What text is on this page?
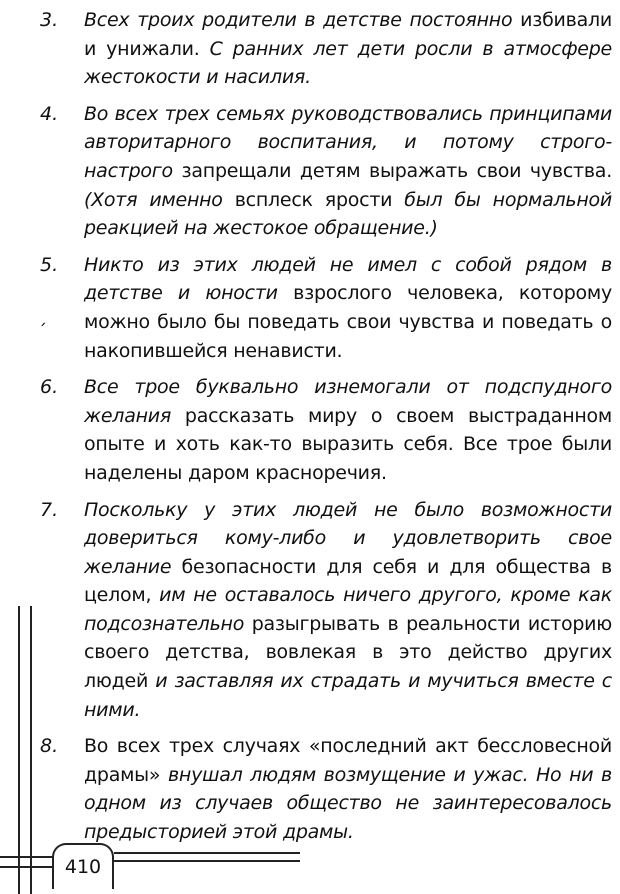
3.	Всех троих родители в детстве постоянно избивали и унижали. С ранних лет дети росли в атмосфере жестокости и насилия.
4.	Во всех трех семьях руководствовались принципами авторитарного воспитания, и потому строго-настрого запрещали детям выражать свои чувства. (Хотя именно всплеск ярости был бы нормальной реакцией на жестокое обращение.)
5.	Никто из этих людей не имел с собой рядом в детстве и юности взрослого человека, которому можно было бы поведать свои чувства и поведать о накопившейся ненависти.
6.	Все трое буквально изнемогали от подспудного желания рассказать миру о своем выстраданном опыте и хоть как-то выразить себя. Все трое были наделены даром красноречия.
7.	Поскольку у этих людей не было возможности довериться кому-либо и удовлетворить свое желание безопасности для себя и для общества в целом, им не оставалось ничего другого, кроме как подсознательно разыгрывать в реальности историю своего детства, вовлекая в это действо других людей и заставляя их страдать и мучиться вместе с ними.
8.	Во всех трех случаях «последний акт бессловесной драмы» внушал людям возмущение и ужас. Но ни в одном из случаев общество не заинтересовалось предысторией этой драмы.
410
ˏ
